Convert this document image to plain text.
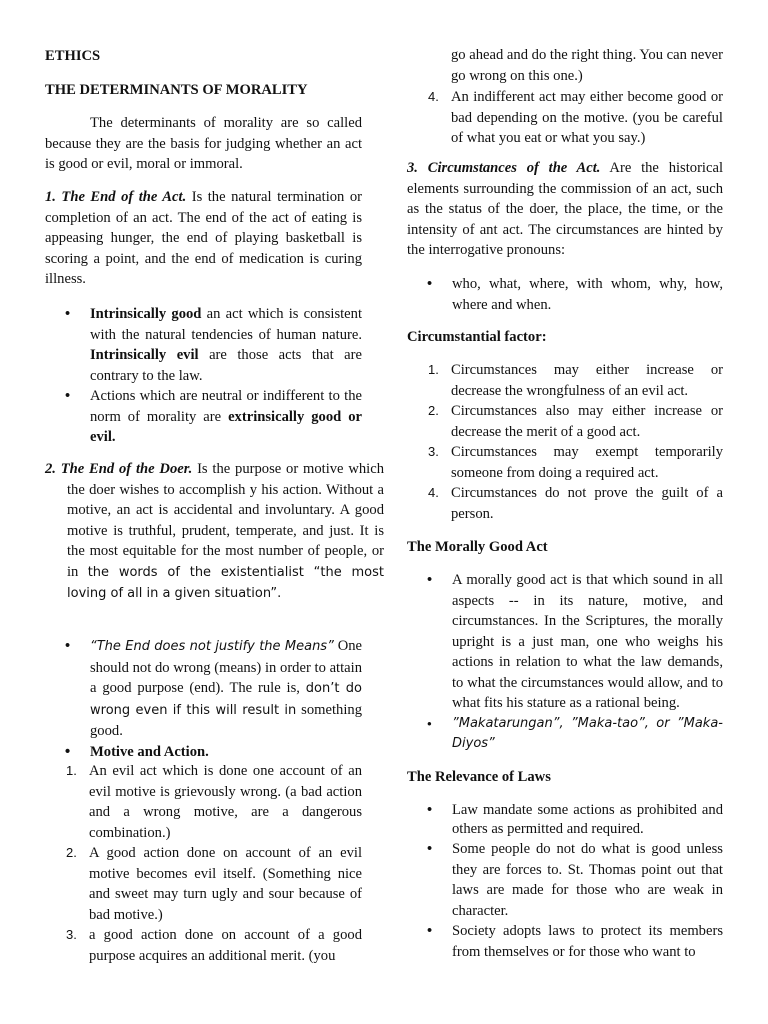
ETHICS

THE DETERMINANTS OF MORALITY

The determinants of morality are so called because they are the basis for judging whether an act is good or evil, moral or immoral.

1. The End of the Act. Is the natural termination or completion of an act. The end of the act of eating is appeasing hunger, the end of playing basketball is scoring a point, and the end of medication is curing illness.

• Intrinsically good an act which is consistent with the natural tendencies of human nature. Intrinsically evil are those acts that are contrary to the law.
• Actions which are neutral or indifferent to the norm of morality are extrinsically good or evil.

2. The End of the Doer. Is the purpose or motive which the doer wishes to accomplish y his action. Without a motive, an act is accidental and involuntary. A good motive is truthful, prudent, temperate, and just. It is the most equitable for the most number of people, or in the words of the existentialist “the most loving of all in a given situation”.

• “The End does not justify the Means” One should not do wrong (means) in order to attain a good purpose (end). The rule is, don’t do wrong even if this will result in something good.
• Motive and Action.
1. An evil act which is done one account of an evil motive is grievously wrong. (a bad action and a wrong motive, are a dangerous combination.)
2. A good action done on account of an evil motive becomes evil itself. (Something nice and sweet may turn ugly and sour because of bad motive.)
3. a good action done on account of a good purpose acquires an additional merit. (you

go ahead and do the right thing. You can never go wrong on this one.)

4. An indifferent act may either become good or bad depending on the motive. (you be careful of what you eat or what you say.)

3. Circumstances of the Act. Are the historical elements surrounding the commission of an act, such as the status of the doer, the place, the time, or the intensity of ant act. The circumstances are hinted by the interrogative pronouns:

• who, what, where, with whom, why, how, where and when.

Circumstantial factor:

1. Circumstances may either increase or decrease the wrongfulness of an evil act.
2. Circumstances also may either increase or decrease the merit of a good act.
3. Circumstances may exempt temporarily someone from doing a required act.
4. Circumstances do not prove the guilt of a person.

The Morally Good Act

• A morally good act is that which sound in all aspects -- in its nature, motive, and circumstances. In the Scriptures, the morally upright is a just man, one who weighs his actions in relation to what the law demands, to what the circumstances would allow, and to what fits his stature as a rational being.
• ”Makatarungan”, ”Maka-tao”, or ”Maka-Diyos”

The Relevance of Laws

• Law mandate some actions as prohibited and others as permitted and required.
• Some people do not do what is good unless they are forces to. St. Thomas point out that laws are made for those who are weak in character.
• Society adopts laws to protect its members from themselves or for those who want to
